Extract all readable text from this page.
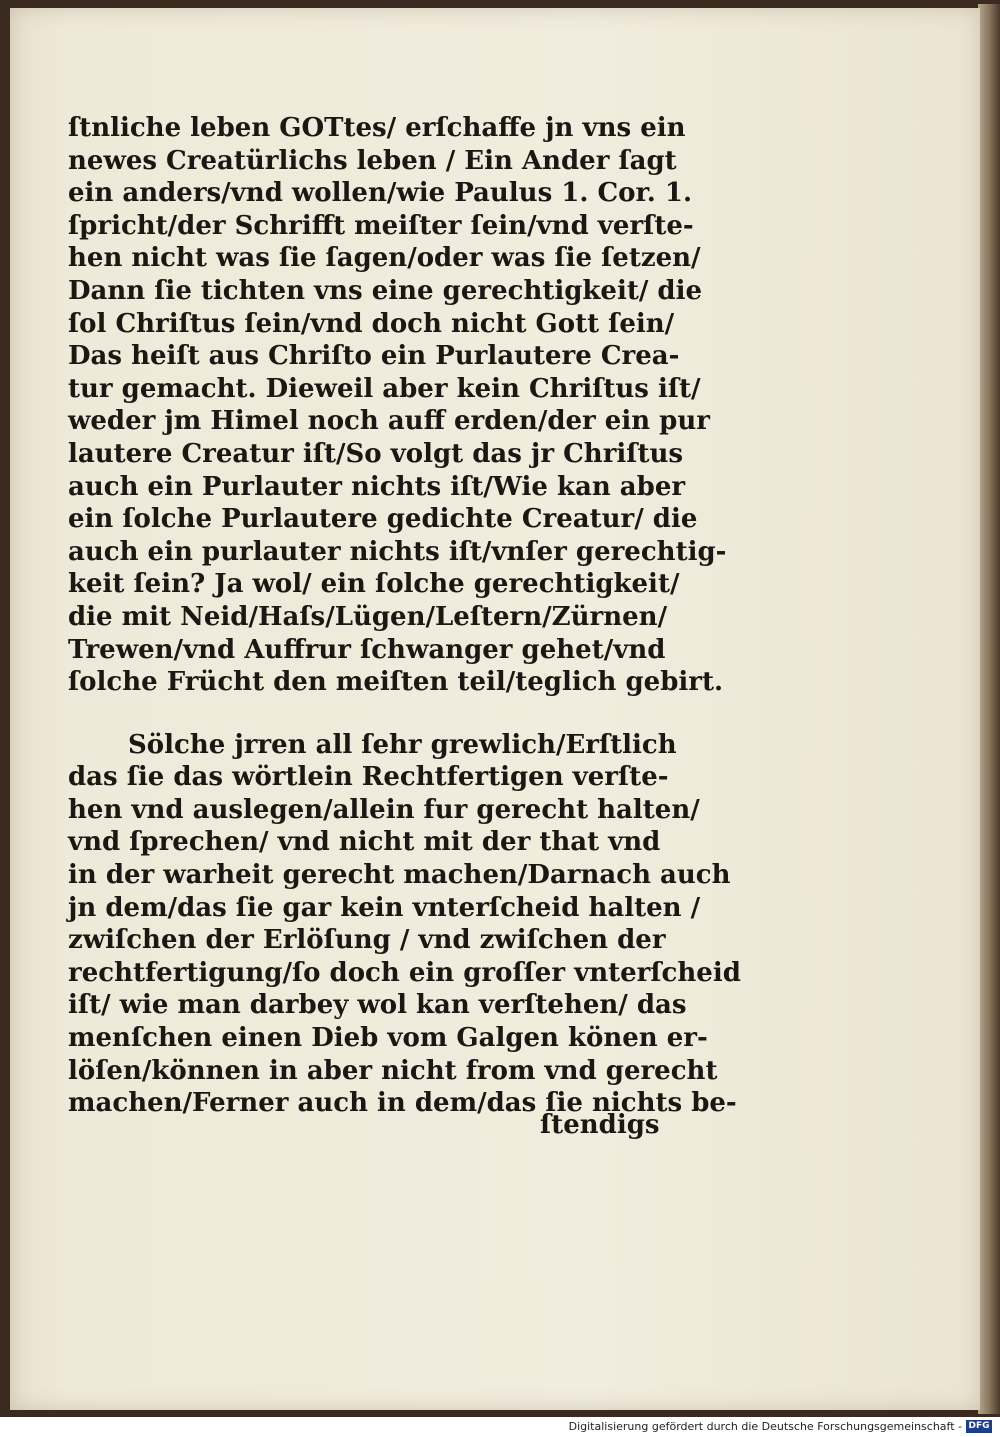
ſtnliche leben GOTtes/ erſchaffe jn vns ein
newes Creatürlichs leben / Ein Ander ſagt
ein anders/vnd wollen/wie Paulus 1. Cor. 1.
ſpricht/der Schrifft meiſter ſein/vnd verſte-
hen nicht was ſie ſagen/oder was ſie ſetzen/
Dann ſie tichten vns eine gerechtigkeit/ die
ſol Chriſtus ſein/vnd doch nicht Gott ſein/
Das heiſt aus Chriſto ein Purlautere Crea-
tur gemacht. Dieweil aber kein Chriſtus iſt/
weder jm Himel noch auff erden/der ein pur
lautere Creatur iſt/So volgt das jr Chriſtus
auch ein Purlauter nichts iſt/Wie kan aber
ein ſolche Purlautere gedichte Creatur/ die
auch ein purlauter nichts iſt/vnſer gerechtig-
keit ſein? Ja wol/ ein ſolche gerechtigkeit/
die mit Neid/Haſs/Lügen/Leſtern/Zürnen/
Trewen/vnd Auffrur ſchwanger gehet/vnd
ſolche Frücht den meiſten teil/teglich gebirt.
Sölche jrren all ſehr grewlich/Erſtlich
das ſie das wörtlein Rechtfertigen verſte-
hen vnd auslegen/allein fur gerecht halten/
vnd ſprechen/ vnd nicht mit der that vnd
in der warheit gerecht machen/Darnach auch
jn dem/das ſie gar kein vnterſcheid halten /
zwiſchen der Erlöſung / vnd zwiſchen der
rechtfertigung/ſo doch ein groſſer vnterſcheid
iſt/ wie man darbey wol kan verſtehen/ das
menſchen einen Dieb vom Galgen könen er-
löſen/können in aber nicht from vnd gerecht
machen/Ferner auch in dem/das ſie nichts be-
ſtendigs
Digitalisierung gefördert durch die Deutsche Forschungsgemeinschaft - DFG
